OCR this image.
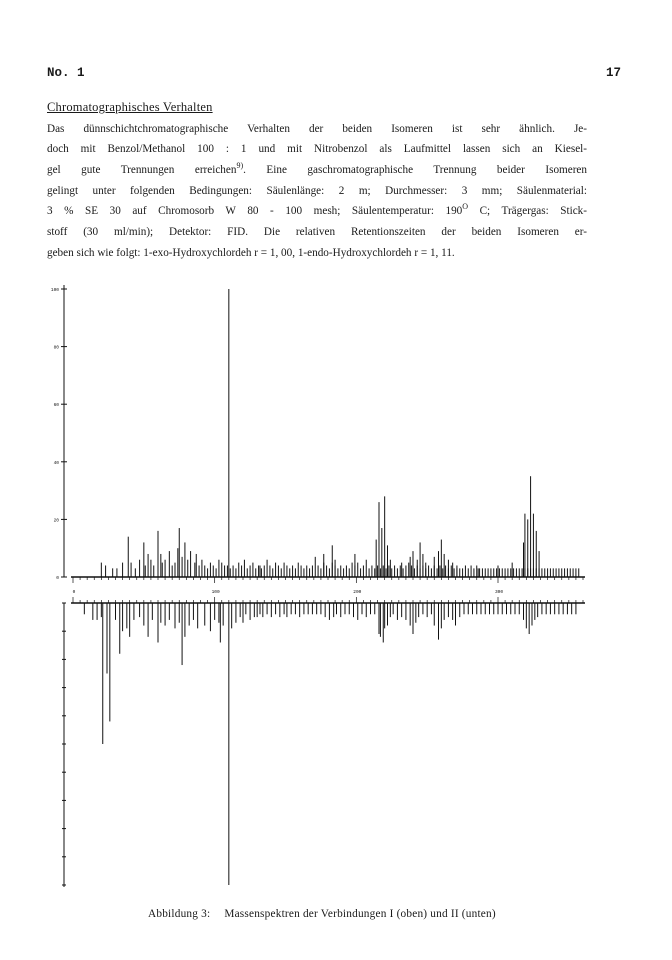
No. 1	17
Chromatographisches Verhalten
Das dünnschichtchromatographische Verhalten der beiden Isomeren ist sehr ähnlich. Je-
doch mit Benzol/Methanol 100 : 1 und mit Nitrobenzol als Laufmittel lassen sich an Kiesel-
gel gute Trennungen erreichen$^{9)}$. Eine gaschromatographische Trennung beider Isomeren
gelingt unter folgenden Bedingungen: Säulenlänge: 2 m; Durchmesser: 3 mm; Säulenmaterial:
3 % SE 30 auf Chromosorb W 80 - 100 mesh; Säulentemperatur: $190^O$ C; Trägergas: Stick-
stoff (30 ml/min); Detektor: FID. Die relativen Retentionszeiten der beiden Isomeren er-
geben sich wie folgt: 1-exo-Hydroxychlordeh r = 1, 00, 1-endo-Hydroxychlordeh r = 1, 11.
0
20
40
60
80
100
0	100	200	300
Abbildung 3: Massenspektren der Verbindungen I (oben) und II (unten)
